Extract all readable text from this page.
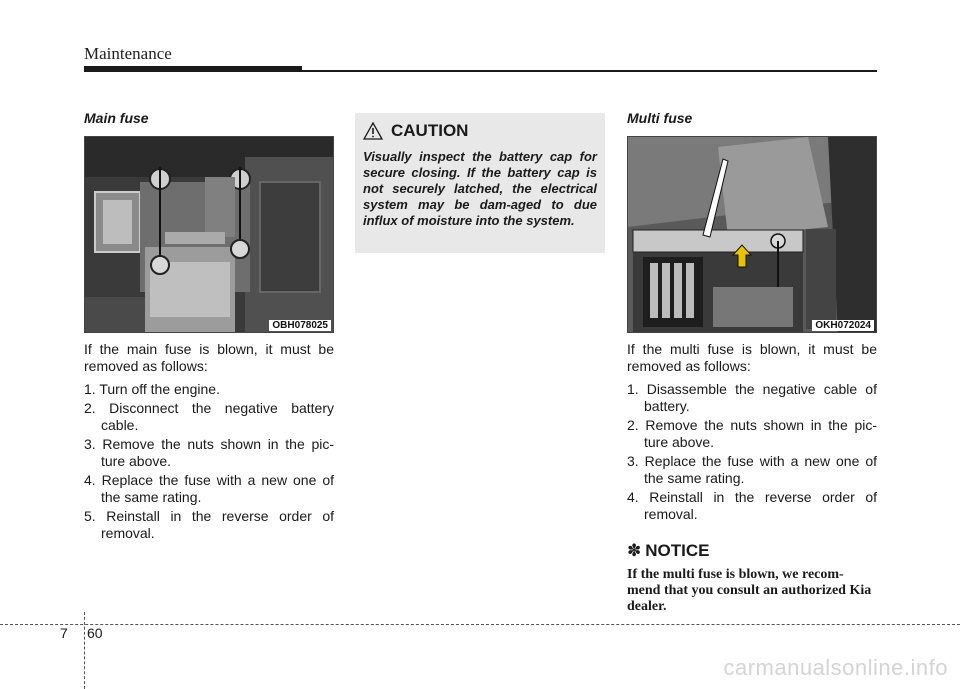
Maintenance
Main fuse
OBH078025

If the main fuse is blown, it must be removed as follows:

1. Turn off the engine.
2. Disconnect the negative battery cable.
3. Remove the nuts shown in the pic-ture above.
4. Replace the fuse with a new one of the same rating.
5. Reinstall in the reverse order of removal.
CAUTION

Visually inspect the battery cap for secure closing. If the battery cap is not securely latched, the electrical system may be dam-aged to due influx of moisture into the system.

Multi fuse
OKH072024

If the multi fuse is blown, it must be removed as follows:

1. Disassemble the negative cable of battery.
2. Remove the nuts shown in the pic-ture above.
3. Replace the fuse with a new one of the same rating.
4. Reinstall in the reverse order of removal.
✽ NOTICE

If the multi fuse is blown, we recom-mend that you consult an authorized Kia dealer.

7 60
carmanualsonline.info
